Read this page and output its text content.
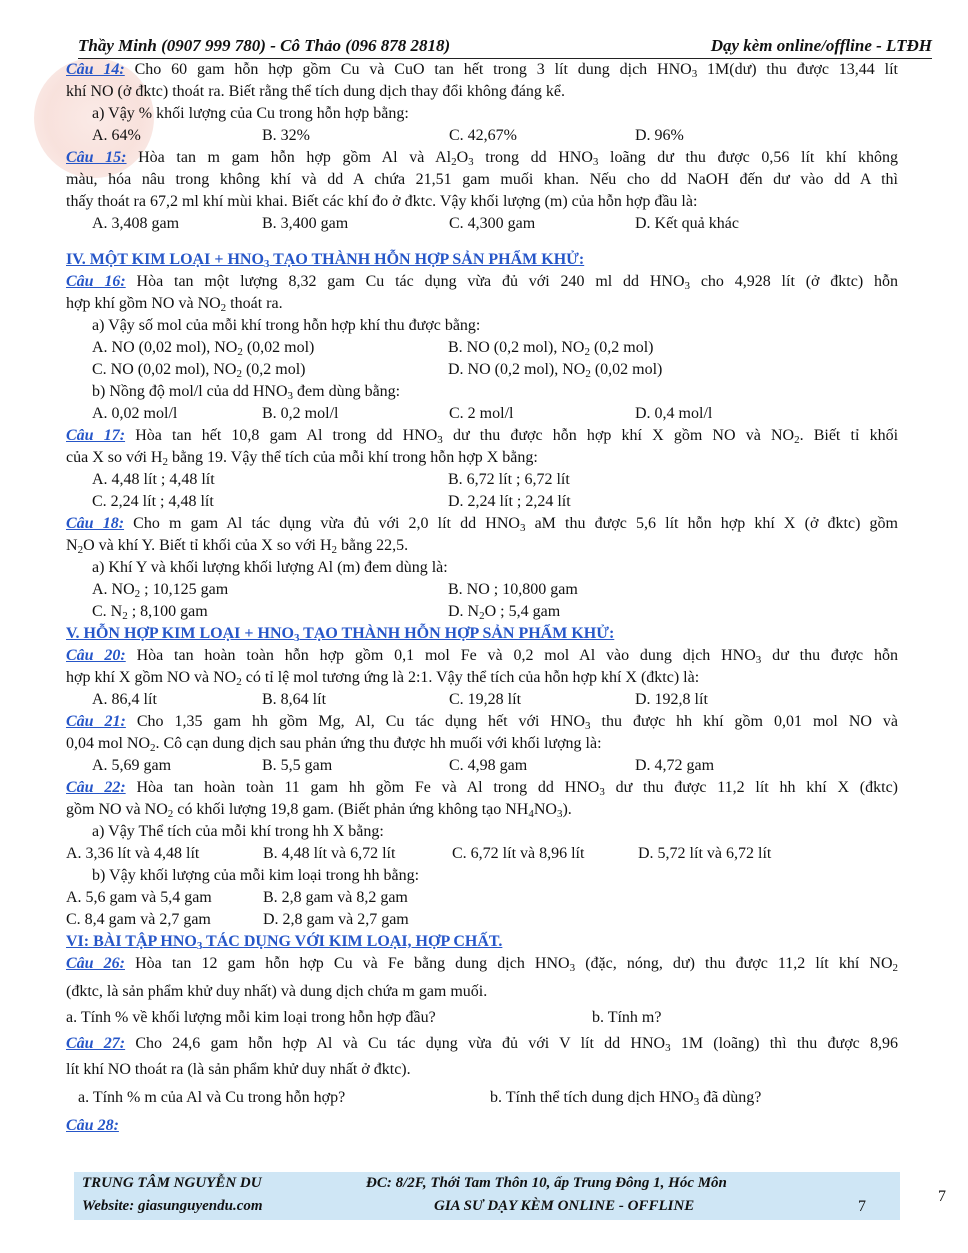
Thầy Minh (0907 999 780) - Cô Thảo (096 878 2818)	Dạy kèm online/offline - LTĐH
Câu 14: Cho 60 gam hỗn hợp gồm Cu và CuO tan hết trong 3 lít dung dịch $HNO_3$ 1M(dư) thu được 13,44 lít
khí NO (ở đktc) thoát ra. Biết rằng thể tích dung dịch thay đổi không đáng kể.
a) Vậy % khối lượng của Cu trong hỗn hợp bằng:
A. 64%	B. 32%	C. 42,67%	D. 96%
Câu 15: Hòa tan m gam hỗn hợp gồm Al và $Al_2O_3$ trong dd $HNO_3$ loãng dư thu được 0,56 lít khí không
màu, hóa nâu trong không khí và dd A chứa 21,51 gam muối khan. Nếu cho dd NaOH đến dư vào dd A thì
thấy thoát ra 67,2 ml khí mùi khai. Biết các khí đo ở đktc. Vậy khối lượng (m) của hỗn hợp đầu là:
A. 3,408 gam	B. 3,400 gam	C. 4,300 gam	D. Kết quả khác
IV. MỘT KIM LOẠI + $HNO_3$ TẠO THÀNH HỖN HỢP SẢN PHẨM KHỬ:
Câu 16: Hòa tan một lượng 8,32 gam Cu tác dụng vừa đủ với 240 ml dd $HNO_3$ cho 4,928 lít (ở đktc) hỗn
hợp khí gồm NO và $NO_2$ thoát ra.
a) Vậy số mol của mỗi khí trong hỗn hợp khí thu được bằng:
A. NO (0,02 mol), $NO_2$ (0,02 mol)	B. NO (0,2 mol), $NO_2$ (0,2 mol)
C. NO (0,02 mol), $NO_2$ (0,2 mol)	D. NO (0,2 mol), $NO_2$ (0,02 mol)
b) Nồng độ mol/l của dd $HNO_3$ đem dùng bằng:
A. 0,02 mol/l	B. 0,2 mol/l	C. 2 mol/l	D. 0,4 mol/l
Câu 17: Hòa tan hết 10,8 gam Al trong dd $HNO_3$ dư thu được hỗn hợp khí X gồm NO và $NO_2$. Biết tỉ khối
của X so với $H_2$ bằng 19. Vậy thể tích của mỗi khí trong hỗn hợp X bằng:
A. 4,48 lít ; 4,48 lít	B. 6,72 lít ; 6,72 lít
C. 2,24 lít ; 4,48 lít	D. 2,24 lít ; 2,24 lít
Câu 18: Cho m gam Al tác dụng vừa đủ với 2,0 lít dd $HNO_3$ aM thu được 5,6 lít hỗn hợp khí X (ở đktc) gồm
$N_2O$ và khí Y. Biết tỉ khối của X so với $H_2$ bằng 22,5.
a) Khí Y và khối lượng khối lượng Al (m) đem dùng là:
A. $NO_2$ ; 10,125 gam	B. NO ; 10,800 gam
C. $N_2$ ; 8,100 gam	D. $N_2O$ ; 5,4 gam
V. HỖN HỢP KIM LOẠI + $HNO_3$ TẠO THÀNH HỖN HỢP SẢN PHẨM KHỬ:
Câu 20: Hòa tan hoàn toàn hỗn hợp gồm 0,1 mol Fe và 0,2 mol Al vào dung dịch $HNO_3$ dư thu được hỗn
hợp khí X gồm NO và $NO_2$ có tỉ lệ mol tương ứng là 2:1. Vậy thể tích của hỗn hợp khí X (đktc) là:
A. 86,4 lít	B. 8,64 lít	C. 19,28 lít	D. 192,8 lít
Câu 21: Cho 1,35 gam hh gồm Mg, Al, Cu tác dụng hết với $HNO_3$ thu được hh khí gồm 0,01 mol NO và
0,04 mol $NO_2$. Cô cạn dung dịch sau phản ứng thu được hh muối với khối lượng là:
A. 5,69 gam	B. 5,5 gam	C. 4,98 gam	D. 4,72 gam
Câu 22: Hòa tan hoàn toàn 11 gam hh gồm Fe và Al trong dd $HNO_3$ dư thu được 11,2 lít hh khí X (đktc)
gồm NO và $NO_2$ có khối lượng 19,8 gam. (Biết phản ứng không tạo $NH_4NO_3$).
a) Vậy Thể tích của mỗi khí trong hh X bằng:
A. 3,36 lít và 4,48 lít	B. 4,48 lít và 6,72 lít	C. 6,72 lít và 8,96 lít	D. 5,72 lít và 6,72 lít
b) Vậy khối lượng của mỗi kim loại trong hh bằng:
A. 5,6 gam và 5,4 gam	B. 2,8 gam và 8,2 gam
C. 8,4 gam và 2,7 gam	D. 2,8 gam và 2,7 gam
VI: BÀI TẬP $HNO_3$ TÁC DỤNG VỚI KIM LOẠI, HỢP CHẤT.
Câu 26: Hòa tan 12 gam hỗn hợp Cu và Fe bằng dung dịch $HNO_3$ (đặc, nóng, dư) thu được 11,2 lít khí $NO_2$
(đktc, là sản phẩm khử duy nhất) và dung dịch chứa m gam muối.
a. Tính % về khối lượng mỗi kim loại trong hỗn hợp đầu?	b. Tính m?
Câu 27: Cho 24,6 gam hỗn hợp Al và Cu tác dụng vừa đủ với V lít dd $HNO_3$ 1M (loãng) thì thu được 8,96
lít khí NO thoát ra (là sản phẩm khử duy nhất ở đktc).
a. Tính % m của Al và Cu trong hỗn hợp?	b. Tính thể tích dung dịch $HNO_3$ đã dùng?
Câu 28:
TRUNG TÂM NGUYỄN DU	ĐC: 8/2F, Thới Tam Thôn 10, ấp Trung Đông 1, Hóc Môn
Website: giasunguyendu.com	GIA SƯ DẠY KÈM ONLINE - OFFLINE	7
7
